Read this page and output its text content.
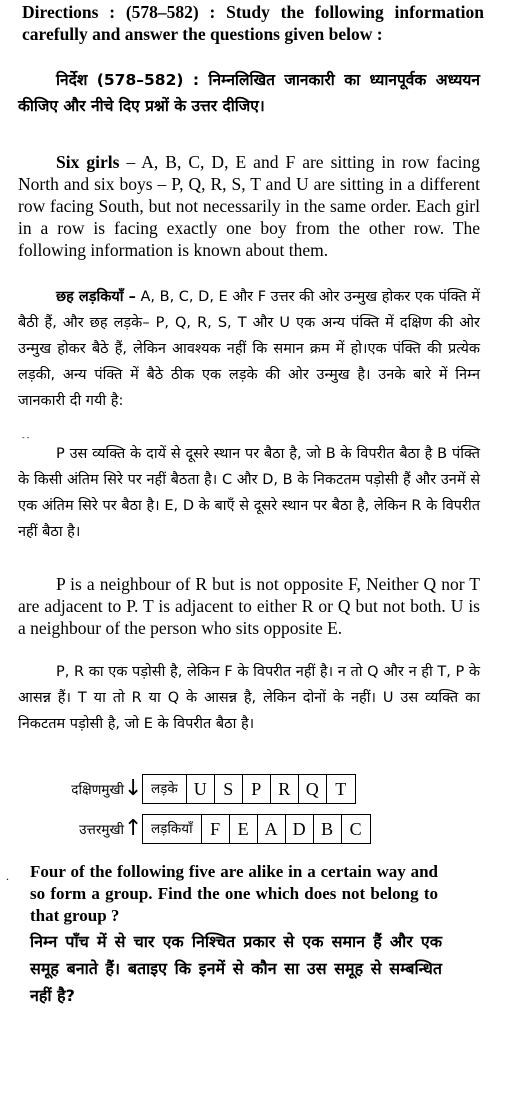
Directions : (578–582) : Study the following information carefully and answer the questions given below :

निर्देश (578–582) : निम्नलिखित जानकारी का ध्यानपूर्वक अध्ययन कीजिए और नीचे दिए प्रश्नों के उत्तर दीजिए।

Six girls – A, B, C, D, E and F are sitting in row facing North and six boys – P, Q, R, S, T and U are sitting in a different row facing South, but not necessarily in the same order. Each girl in a row is facing exactly one boy from the other row. The following information is known about them.

छह लड़कियाँ – A, B, C, D, E और F उत्तर की ओर उन्मुख होकर एक पंक्ति में बैठी हैं, और छह लड़के– P, Q, R, S, T और U एक अन्य पंक्ति में दक्षिण की ओर उन्मुख होकर बैठे हैं, लेकिन आवश्यक नहीं कि समान क्रम में हो।एक पंक्ति की प्रत्येक लड़की, अन्य पंक्ति में बैठे ठीक एक लड़के की ओर उन्मुख है। उनके बारे में निम्न जानकारी दी गयी है:

- -

P उस व्यक्ति के दायें से दूसरे स्थान पर बैठा है, जो B के विपरीत बैठा है B पंक्ति के किसी अंतिम सिरे पर नहीं बैठता है। C और D, B के निकटतम पड़ोसी हैं और उनमें से एक अंतिम सिरे पर बैठा है। E, D के बाएँ से दूसरे स्थान पर बैठा है, लेकिन R के विपरीत नहीं बैठा है।

P is a neighbour of R but is not opposite F, Neither Q nor T are adjacent to P. T is adjacent to either R or Q but not both. U is a neighbour of the person who sits opposite E.

P, R का एक पड़ोसी है, लेकिन F के विपरीत नहीं है। न तो Q और न ही T, P के आसन्न हैं। T या तो R या Q के आसन्न है, लेकिन दोनों के नहीं। U उस व्यक्ति का निकटतम पड़ोसी है, जो E के विपरीत बैठा है।

दक्षिणमुखी ↓ लड़के U S P R Q T
उत्तरमुखी ↑ लड़कियाँ F E A D B C
. Four of the following five are alike in a certain way and so form a group. Find the one which does not belong to that group ?

निम्न पाँच में से चार एक निश्चित प्रकार से एक समान हैं और एक समूह बनाते हैं। बताइए कि इनमें से कौन सा उस समूह से सम्बन्धित नहीं है?
